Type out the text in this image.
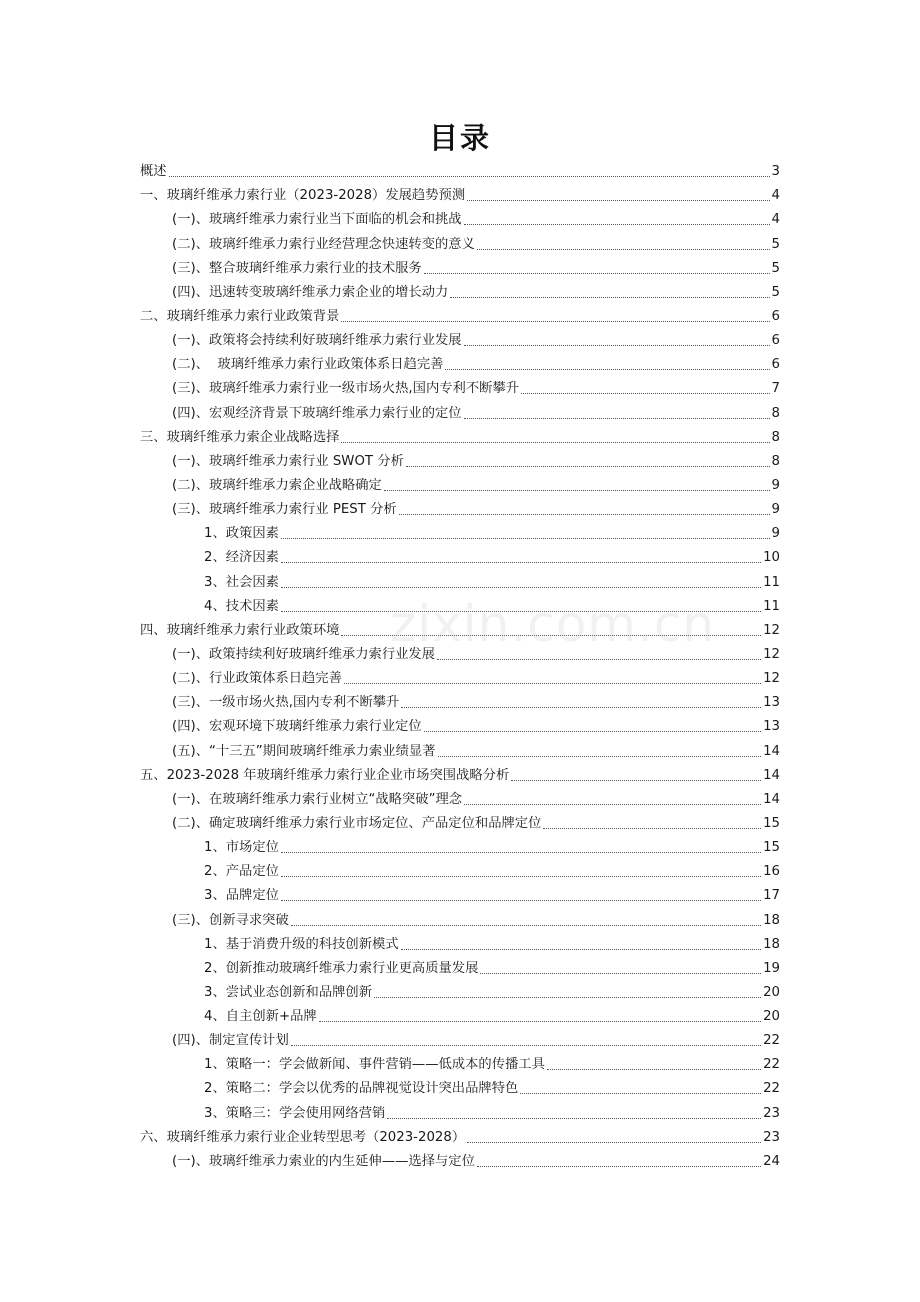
目录
概述	3
一、玻璃纤维承力索行业（2023-2028）发展趋势预测	4
(一)、玻璃纤维承力索行业当下面临的机会和挑战	4
(二)、玻璃纤维承力索行业经营理念快速转变的意义	5
(三)、整合玻璃纤维承力索行业的技术服务	5
(四)、迅速转变玻璃纤维承力索企业的增长动力	5
二、玻璃纤维承力索行业政策背景	6
(一)、政策将会持续利好玻璃纤维承力索行业发展	6
(二)、  玻璃纤维承力索行业政策体系日趋完善	6
(三)、玻璃纤维承力索行业一级市场火热,国内专利不断攀升	7
(四)、宏观经济背景下玻璃纤维承力索行业的定位	8
三、玻璃纤维承力索企业战略选择	8
(一)、玻璃纤维承力索行业 SWOT 分析	8
(二)、玻璃纤维承力索企业战略确定	9
(三)、玻璃纤维承力索行业 PEST 分析	9
1、政策因素	9
2、经济因素	10
3、社会因素	11
4、技术因素	11
四、玻璃纤维承力索行业政策环境	12
(一)、政策持续利好玻璃纤维承力索行业发展	12
(二)、行业政策体系日趋完善	12
(三)、一级市场火热,国内专利不断攀升	13
(四)、宏观环境下玻璃纤维承力索行业定位	13
(五)、“十三五”期间玻璃纤维承力索业绩显著	14
五、2023-2028 年玻璃纤维承力索行业企业市场突围战略分析	14
(一)、在玻璃纤维承力索行业树立“战略突破”理念	14
(二)、确定玻璃纤维承力索行业市场定位、产品定位和品牌定位	15
1、市场定位	15
2、产品定位	16
3、品牌定位	17
(三)、创新寻求突破	18
1、基于消费升级的科技创新模式	18
2、创新推动玻璃纤维承力索行业更高质量发展	19
3、尝试业态创新和品牌创新	20
4、自主创新+品牌	20
(四)、制定宣传计划	22
1、策略一：学会做新闻、事件营销——低成本的传播工具	22
2、策略二：学会以优秀的品牌视觉设计突出品牌特色	22
3、策略三：学会使用网络营销	23
六、玻璃纤维承力索行业企业转型思考（2023-2028）	23
(一)、玻璃纤维承力索业的内生延伸——选择与定位	24
zixin.com.cn
